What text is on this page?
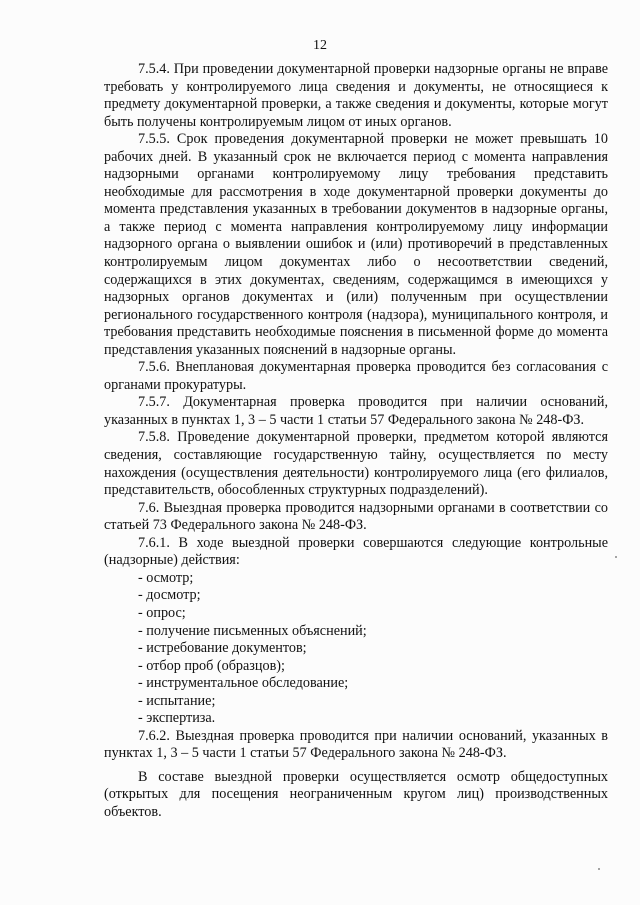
12

7.5.4. При проведении документарной проверки надзорные органы не вправе требовать у контролируемого лица сведения и документы, не относящиеся к предмету документарной проверки, а также сведения и документы, которые могут быть получены контролируемым лицом от иных органов.

7.5.5. Срок проведения документарной проверки не может превышать 10 рабочих дней. В указанный срок не включается период с момента направления надзорными органами контролируемому лицу требования представить необходимые для рассмотрения в ходе документарной проверки документы до момента представления указанных в требовании документов в надзорные органы, а также период с момента направления контролируемому лицу информации надзорного органа о выявлении ошибок и (или) противоречий в представленных контролируемым лицом документах либо о несоответствии сведений, содержащихся в этих документах, сведениям, содержащимся в имеющихся у надзорных органов документах и (или) полученным при осуществлении регионального государственного контроля (надзора), муниципального контроля, и требования представить необходимые пояснения в письменной форме до момента представления указанных пояснений в надзорные органы.

7.5.6. Внеплановая документарная проверка проводится без согласования с органами прокуратуры.

7.5.7. Документарная проверка проводится при наличии оснований, указанных в пунктах 1, 3 – 5 части 1 статьи 57 Федерального закона № 248-ФЗ.

7.5.8. Проведение документарной проверки, предметом которой являются сведения, составляющие государственную тайну, осуществляется по месту нахождения (осуществления деятельности) контролируемого лица (его филиалов, представительств, обособленных структурных подразделений).

7.6. Выездная проверка проводится надзорными органами в соответствии со статьей 73 Федерального закона № 248-ФЗ.

7.6.1. В ходе выездной проверки совершаются следующие контрольные (надзорные) действия:

- осмотр;

- досмотр;

- опрос;

- получение письменных объяснений;

- истребование документов;

- отбор проб (образцов);

- инструментальное обследование;

- испытание;

- экспертиза.

7.6.2. Выездная проверка проводится при наличии оснований, указанных в пунктах 1, 3 – 5 части 1 статьи 57 Федерального закона № 248-ФЗ.

В составе выездной проверки осуществляется осмотр общедоступных (открытых для посещения неограниченным кругом лиц) производственных объектов.
